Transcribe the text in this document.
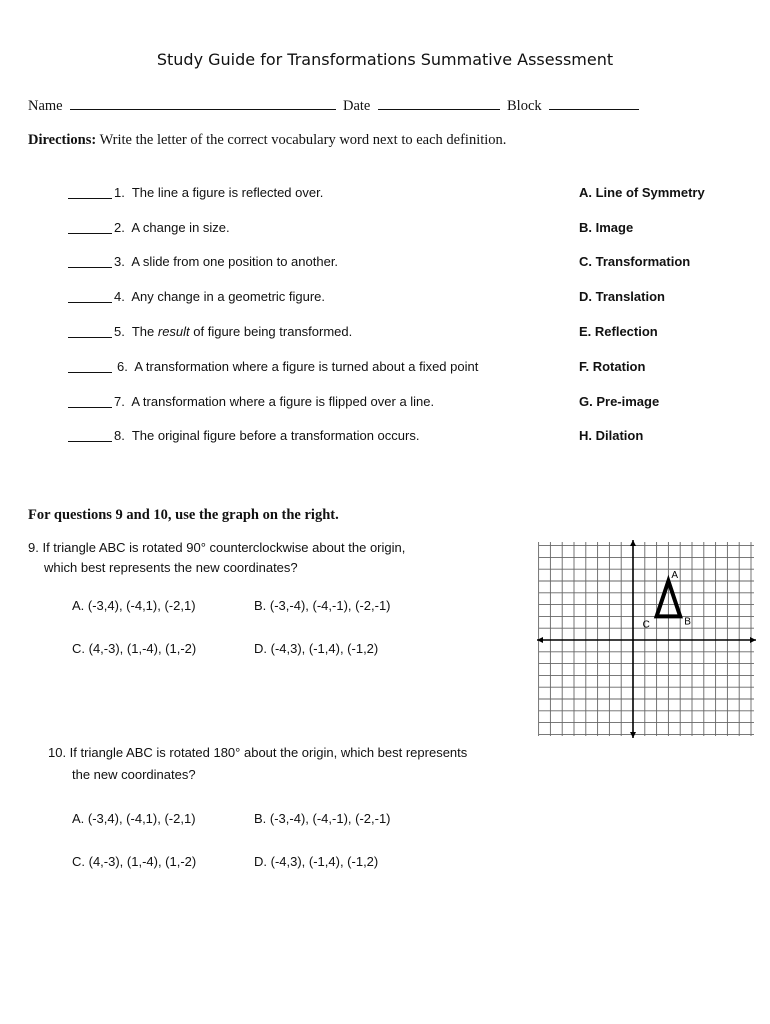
Study Guide for Transformations Summative Assessment
Name	Date	Block
Directions: Write the letter of the correct vocabulary word next to each definition.
1. The line a figure is reflected over.	A. Line of Symmetry
2. A change in size.	B. Image
3. A slide from one position to another.	C. Transformation
4. Any change in a geometric figure.	D. Translation
5. The result of figure being transformed.	E. Reflection
6. A transformation where a figure is turned about a fixed point	F. Rotation
7. A transformation where a figure is flipped over a line.	G. Pre-image
8. The original figure before a transformation occurs.	H. Dilation
For questions 9 and 10, use the graph on the right.
9. If triangle ABC is rotated 90° counterclockwise about the origin,
which best represents the new coordinates?
A. (-3,4), (-4,1), (-2,1)	B. (-3,-4), (-4,-1), (-2,-1)
C. (4,-3), (1,-4), (1,-2)	D. (-4,3), (-1,4), (-1,2)
10. If triangle ABC is rotated 180° about the origin, which best represents
the new coordinates?
A. (-3,4), (-4,1), (-2,1)	B. (-3,-4), (-4,-1), (-2,-1)
C. (4,-3), (1,-4), (1,-2)	D. (-4,3), (-1,4), (-1,2)
A
B
C
